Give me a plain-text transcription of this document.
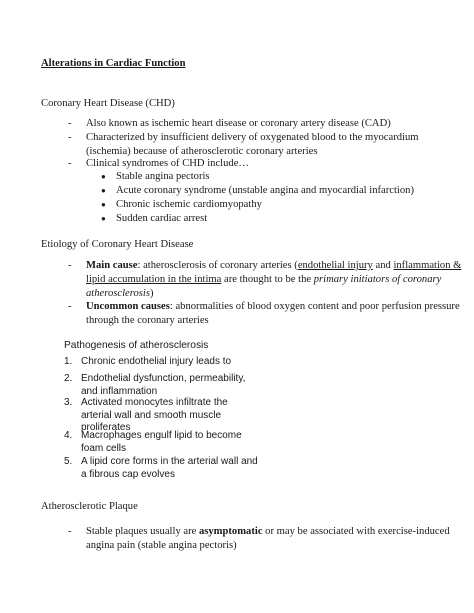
Alterations in Cardiac Function
Coronary Heart Disease (CHD)
- Also known as ischemic heart disease or coronary artery disease (CAD)
- Characterized by insufficient delivery of oxygenated blood to the myocardium (ischemia) because of atherosclerotic coronary arteries
- Clinical syndromes of CHD include…
● Stable angina pectoris
● Acute coronary syndrome (unstable angina and myocardial infarction)
● Chronic ischemic cardiomyopathy
● Sudden cardiac arrest
Etiology of Coronary Heart Disease
- Main cause: atherosclerosis of coronary arteries (endothelial injury and inflammation &
lipid accumulation in the intima are thought to be the primary initiators of coronary
atherosclerosis)
- Uncommon causes: abnormalities of blood oxygen content and poor perfusion pressure
through the coronary arteries
Pathogenesis of atherosclerosis
1. Chronic endothelial injury leads to
2. Endothelial dysfunction, permeability,
and inflammation
3. Activated monocytes infiltrate the
arterial wall and smooth muscle
proliferates
4. Macrophages engulf lipid to become
foam cells
5. A lipid core forms in the arterial wall and
a fibrous cap evolves
Atherosclerotic Plaque
- Stable plaques usually are asymptomatic or may be associated with exercise-induced
angina pain (stable angina pectoris)
